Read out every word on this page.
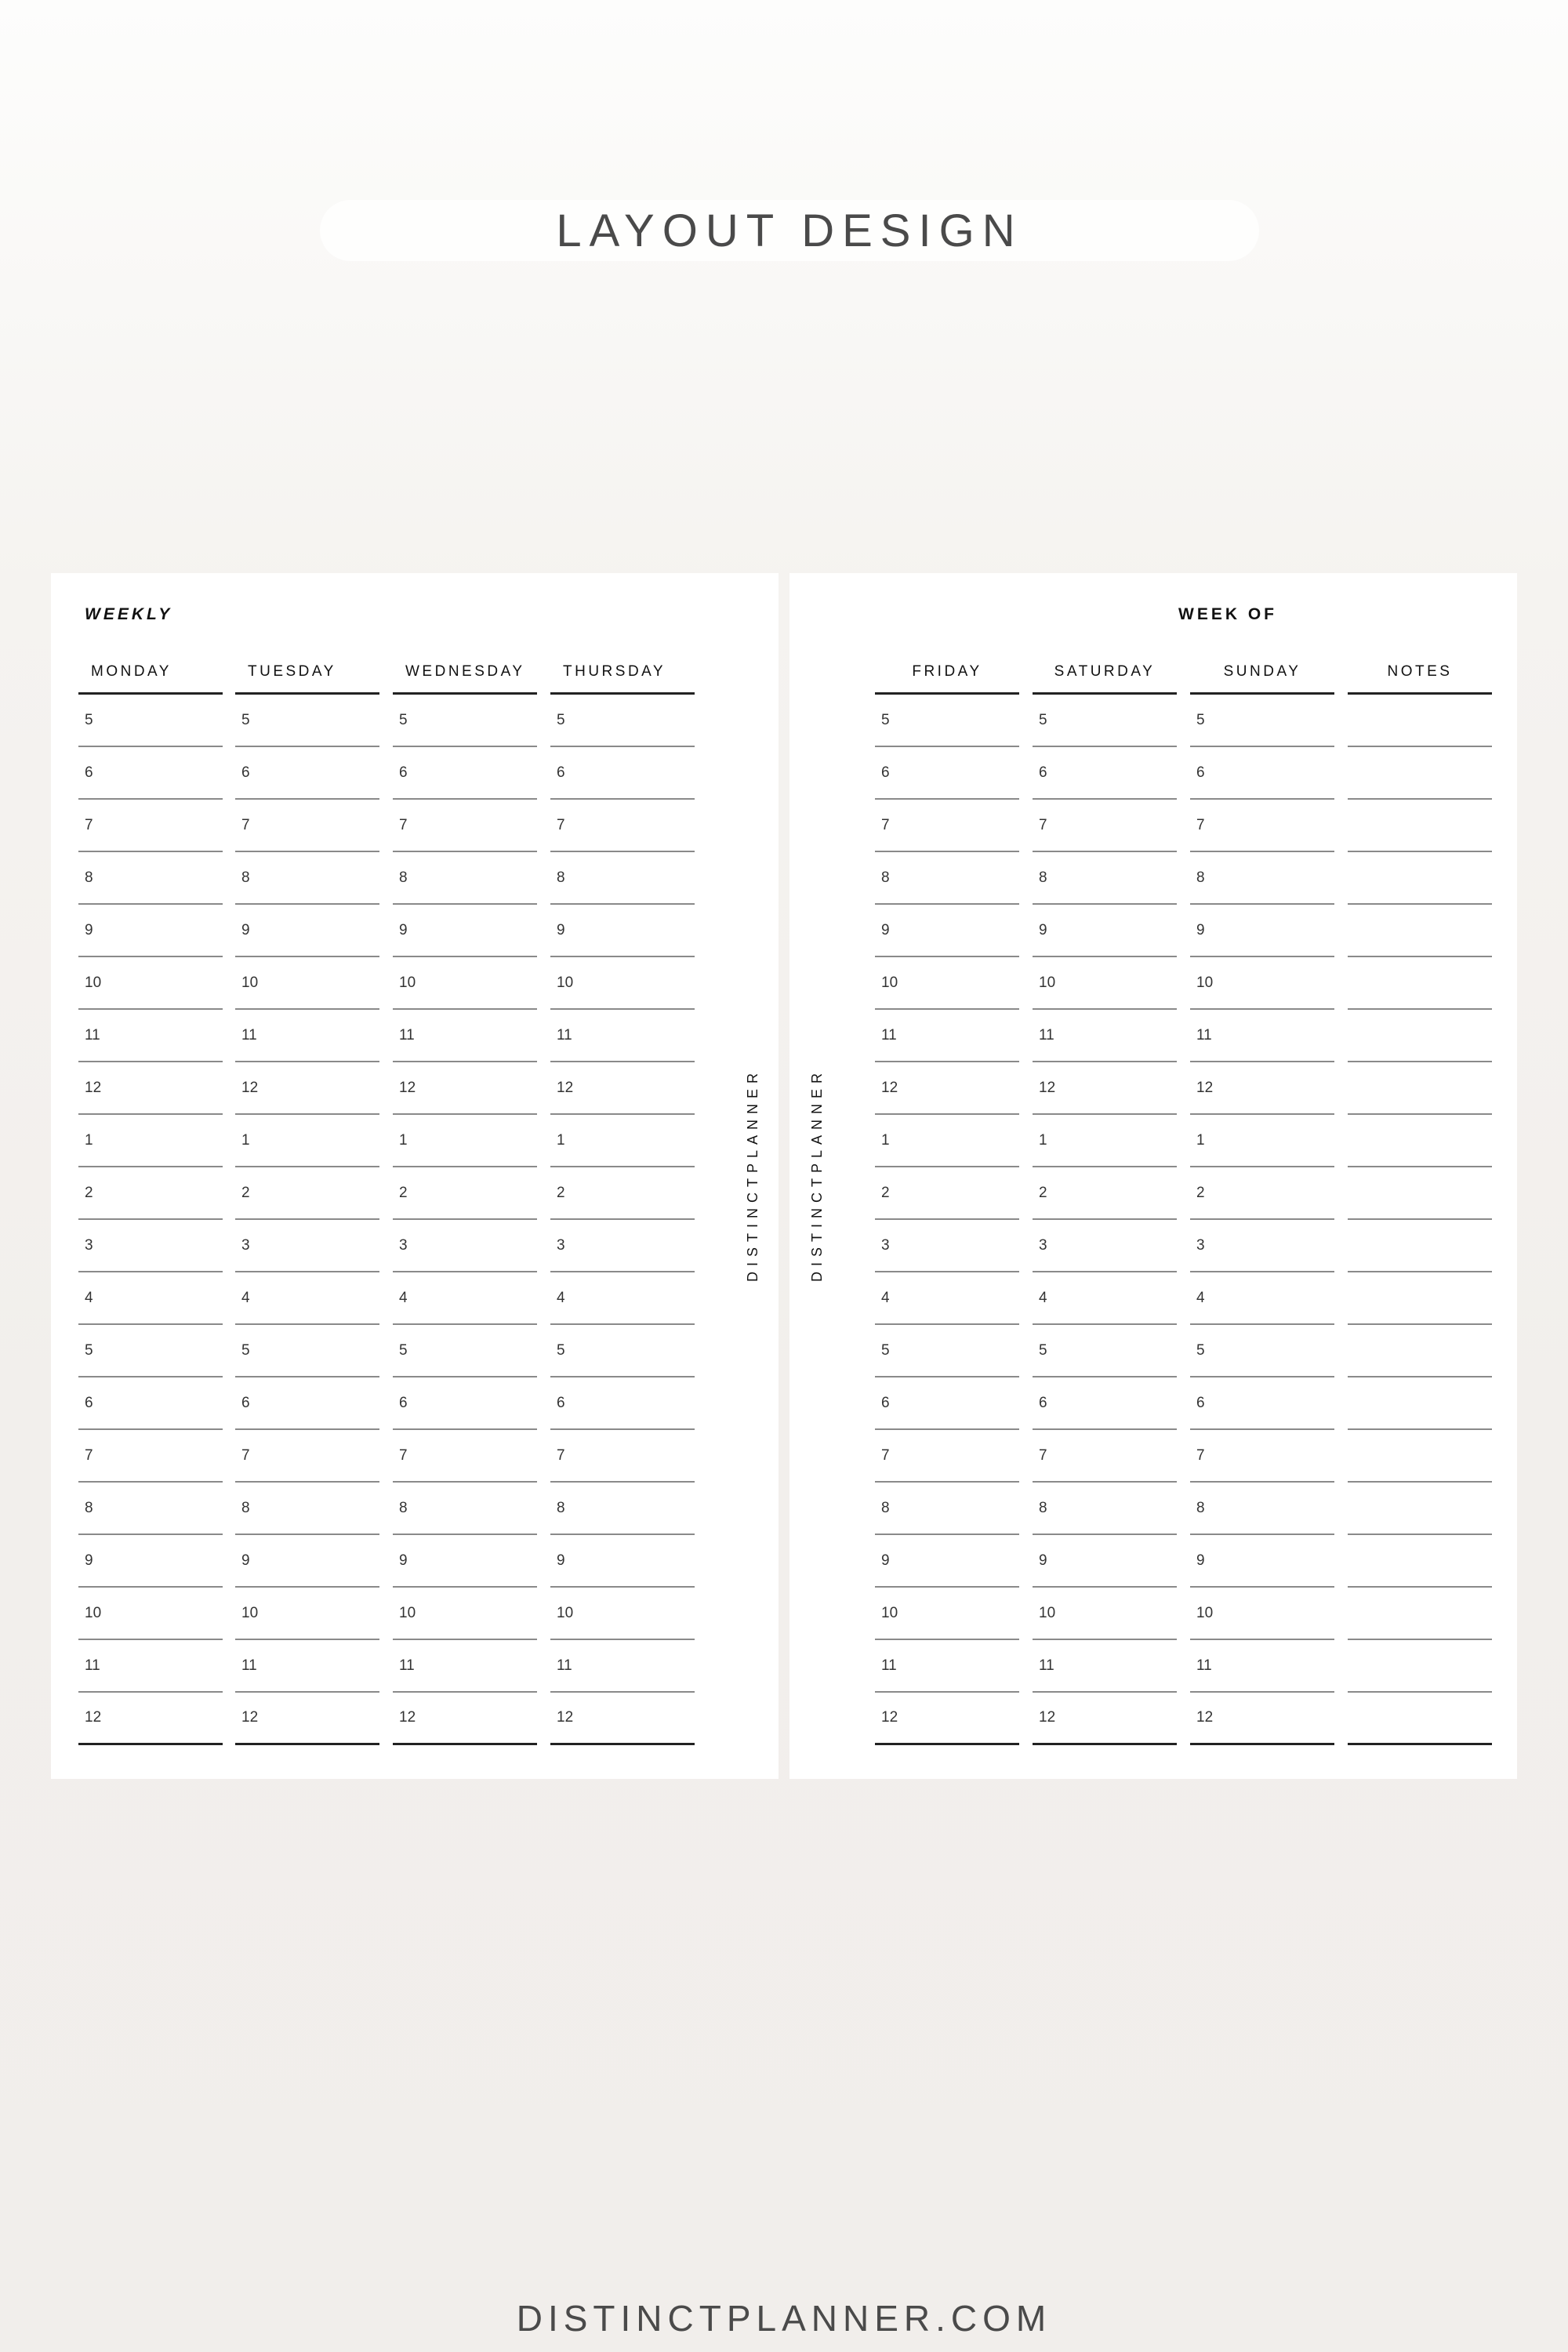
LAYOUT DESIGN
WEEKLY	WEEK OF
DISTINCTPLANNER	DISTINCTPLANNER
MONDAY
5
6
7
8
9
10
11
12
1
2
3
4
5
6
7
8
9
10
11
12
TUESDAY
5
6
7
8
9
10
11
12
1
2
3
4
5
6
7
8
9
10
11
12
WEDNESDAY
5
6
7
8
9
10
11
12
1
2
3
4
5
6
7
8
9
10
11
12
THURSDAY
5
6
7
8
9
10
11
12
1
2
3
4
5
6
7
8
9
10
11
12
FRIDAY
5
6
7
8
9
10
11
12
1
2
3
4
5
6
7
8
9
10
11
12
SATURDAY
5
6
7
8
9
10
11
12
1
2
3
4
5
6
7
8
9
10
11
12
SUNDAY
5
6
7
8
9
10
11
12
1
2
3
4
5
6
7
8
9
10
11
12
NOTES
DISTINCTPLANNER.COM
